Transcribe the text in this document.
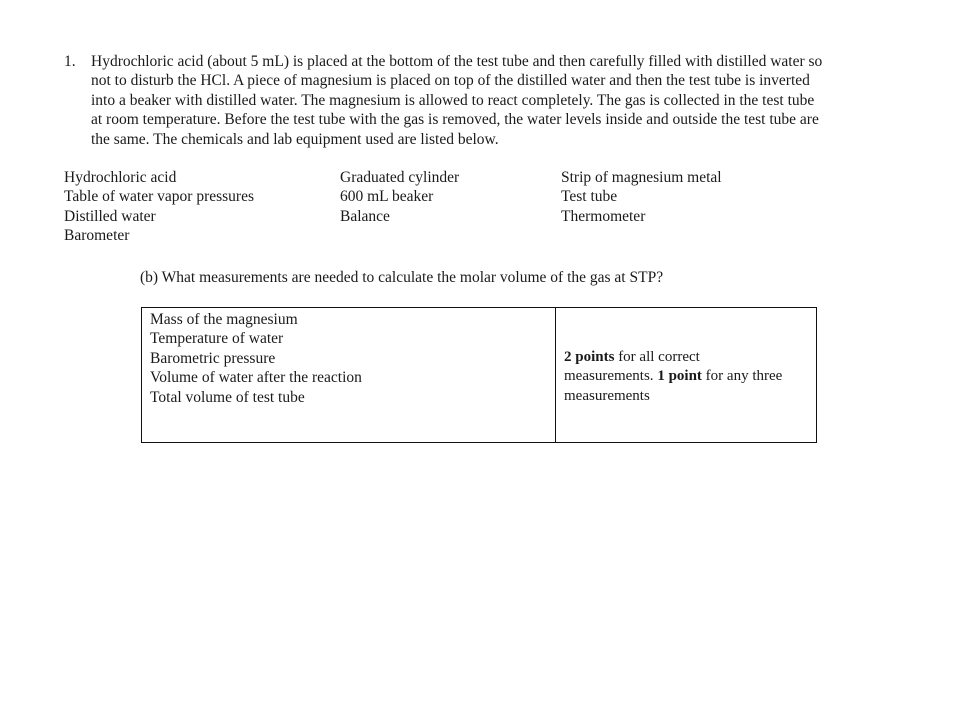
1. Hydrochloric acid (about 5 mL) is placed at the bottom of the test tube and then carefully filled with distilled water so
not to disturb the HCl. A piece of magnesium is placed on top of the distilled water and then the test tube is inverted
into a beaker with distilled water. The magnesium is allowed to react completely. The gas is collected in the test tube
at room temperature. Before the test tube with the gas is removed, the water levels inside and outside the test tube are
the same. The chemicals and lab equipment used are listed below.
Hydrochloric acid
Table of water vapor pressures
Distilled water
Barometer
Graduated cylinder
600 mL beaker
Balance
Strip of magnesium metal
Test tube
Thermometer
(b) What measurements are needed to calculate the molar volume of the gas at STP?
Mass of the magnesium
Temperature of water
Barometric pressure
Volume of water after the reaction
Total volume of test tube
2 points for all correct
measurements. 1 point for any three
measurements
